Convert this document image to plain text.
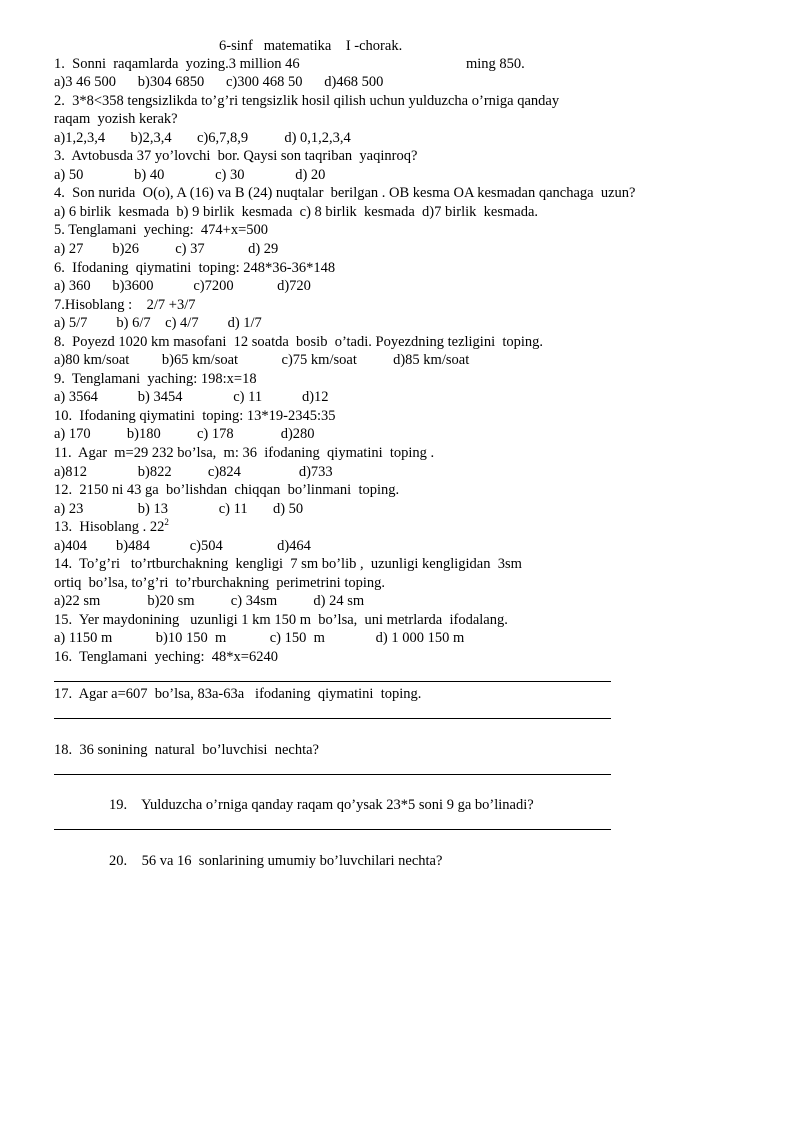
6-sinf   matematika    I -chorak.
1.  Sonni  raqamlarda  yozing.3 million 46	ming 850.
a)3 46 500      b)304 6850      c)300 468 50      d)468 500
2.  3*8<358 tengsizlikda to’g’ri tengsizlik hosil qilish uchun yulduzcha o’rniga qanday
raqam  yozish kerak?
a)1,2,3,4       b)2,3,4       c)6,7,8,9          d) 0,1,2,3,4
3.  Avtobusda 37 yo’lovchi  bor. Qaysi son taqriban  yaqinroq?
a) 50              b) 40              c) 30              d) 20
4.  Son nurida  O(o), A (16) va B (24) nuqtalar  berilgan . OB kesma OA kesmadan qanchaga  uzun?
a) 6 birlik  kesmada  b) 9 birlik  kesmada  c) 8 birlik  kesmada  d)7 birlik  kesmada.
5. Tenglamani  yeching:  474+x=500
a) 27        b)26          c) 37            d) 29
6.  Ifodaning  qiymatini  toping: 248*36-36*148
a) 360      b)3600           c)7200            d)720
7.Hisoblang :    2/7 +3/7
a) 5/7        b) 6/7    c) 4/7        d) 1/7
8.  Poyezd 1020 km masofani  12 soatda  bosib  o’tadi. Poyezdning tezligini  toping.
a)80 km/soat         b)65 km/soat            c)75 km/soat          d)85 km/soat
9.  Tenglamani  yaching: 198:x=18
a) 3564           b) 3454              c) 11           d)12
10.  Ifodaning qiymatini  toping: 13*19-2345:35
a) 170          b)180          c) 178             d)280
11.  Agar  m=29 232 bo’lsa,  m: 36  ifodaning  qiymatini  toping .
a)812              b)822          c)824                d)733
12.  2150 ni 43 ga  bo’lishdan  chiqqan  bo’linmani  toping.
a) 23               b) 13              c) 11       d) 50
13.  Hisoblang . $22^2$
a)404        b)484           c)504               d)464
14.  To’g’ri   to’rtburchakning  kengligi  7 sm bo’lib ,  uzunligi kengligidan  3sm
ortiq  bo’lsa, to’g’ri  to’rburchakning  perimetrini toping.
a)22 sm             b)20 sm          c) 34sm          d) 24 sm
15.  Yer maydonining   uzunligi 1 km 150 m  bo’lsa,  uni metrlarda  ifodalang.
a) 1150 m            b)10 150  m            c) 150  m              d) 1 000 150 m
16.  Tenglamani  yeching:  48*x=6240
17.  Agar a=607  bo’lsa, 83a-63a   ifodaning  qiymatini  toping.
18.  36 sonining  natural  bo’luvchisi  nechta?
19.    Yulduzcha o’rniga qanday raqam qo’ysak 23*5 soni 9 ga bo’linadi?
20.    56 va 16  sonlarining umumiy bo’luvchilari nechta?
